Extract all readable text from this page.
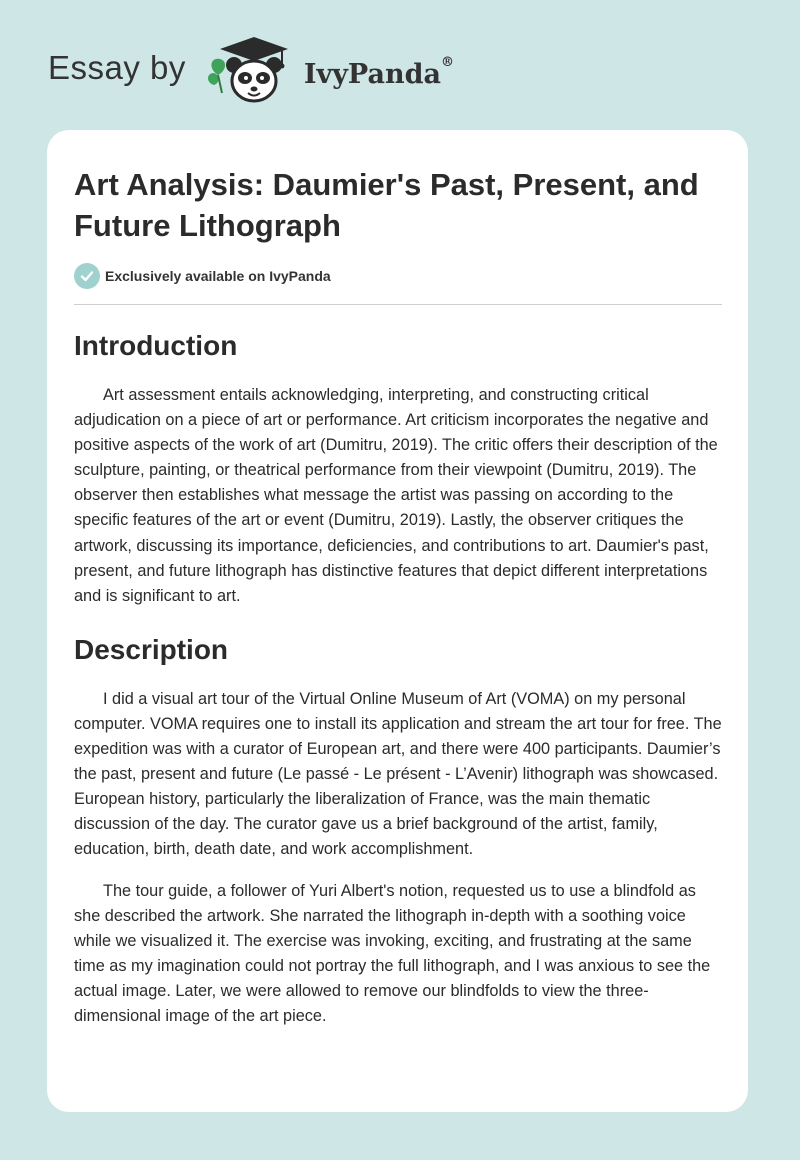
Essay by	IvyPanda®
Art Analysis: Daumier's Past, Present, and Future Lithograph
Exclusively available on IvyPanda
Introduction

Art assessment entails acknowledging, interpreting, and constructing critical adjudication on a piece of art or performance. Art criticism incorporates the negative and positive aspects of the work of art (Dumitru, 2019). The critic offers their description of the sculpture, painting, or theatrical performance from their viewpoint (Dumitru, 2019). The observer then establishes what message the artist was passing on according to the specific features of the art or event (Dumitru, 2019). Lastly, the observer critiques the artwork, discussing its importance, deficiencies, and contributions to art. Daumier's past, present, and future lithograph has distinctive features that depict different interpretations and is significant to art.

Description

I did a visual art tour of the Virtual Online Museum of Art (VOMA) on my personal computer. VOMA requires one to install its application and stream the art tour for free. The expedition was with a curator of European art, and there were 400 participants. Daumier’s the past, present and future (Le passé - Le présent - L’Avenir) lithograph was showcased. European history, particularly the liberalization of France, was the main thematic discussion of the day. The curator gave us a brief background of the artist, family, education, birth, death date, and work accomplishment.

The tour guide, a follower of Yuri Albert's notion, requested us to use a blindfold as she described the artwork. She narrated the lithograph in-depth with a soothing voice while we visualized it. The exercise was invoking, exciting, and frustrating at the same time as my imagination could not portray the full lithograph, and I was anxious to see the actual image. Later, we were allowed to remove our blindfolds to view the three-dimensional image of the art piece.
